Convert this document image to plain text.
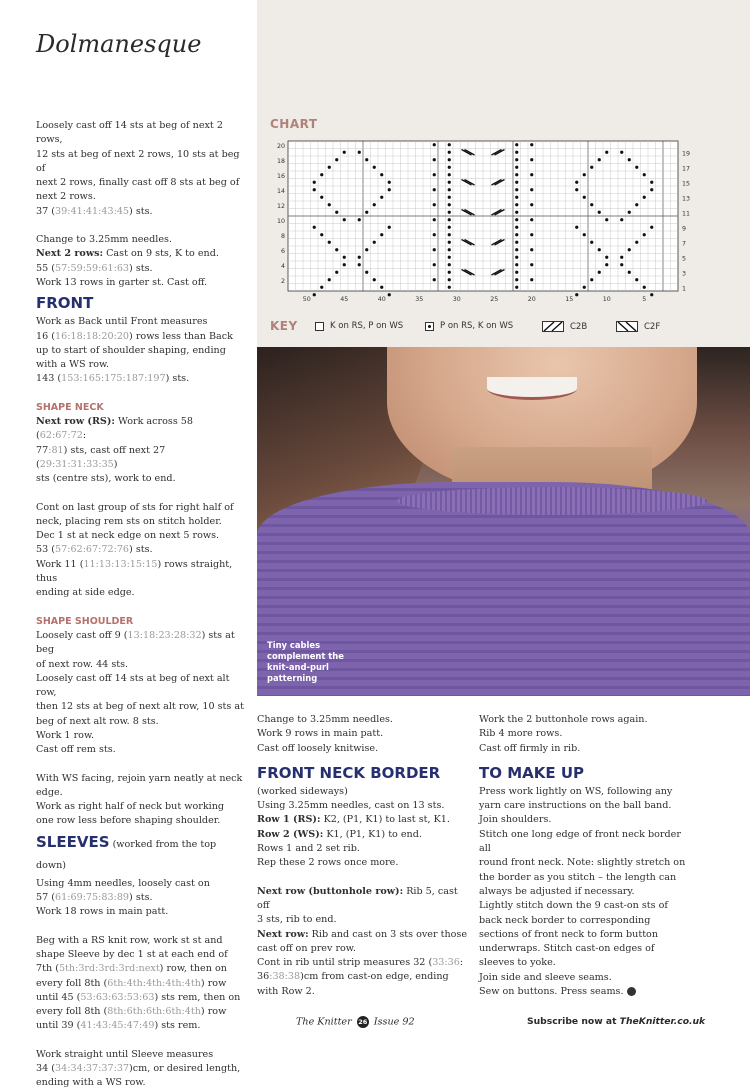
Dolmanesque

Loosely cast off 14 sts at beg of next 2 rows,

12 sts at beg of next 2 rows, 10 sts at beg of

next 2 rows, finally cast off 8 sts at beg of

next 2 rows.

37 (39:41:41:43:45) sts.

Change to 3.25mm needles.

Next 2 rows: Cast on 9 sts, K to end.

55 (57:59:59:61:63) sts.

Work 13 rows in garter st. Cast off.

FRONT

Work as Back until Front measures

16 (16:18:18:20:20) rows less than Back

up to start of shoulder shaping, ending

with a WS row.

143 (153:165:175:187:197) sts.

SHAPE NECK

Next row (RS): Work across 58 (62:67:72:

77:81) sts, cast off next 27 (29:31:31:33:35)

sts (centre sts), work to end.

Cont on last group of sts for right half of

neck, placing rem sts on stitch holder.

Dec 1 st at neck edge on next 5 rows.

53 (57:62:67:72:76) sts.

Work 11 (11:13:13:15:15) rows straight, thus

ending at side edge.

SHAPE SHOULDER

Loosely cast off 9 (13:18:23:28:32) sts at beg

of next row. 44 sts.

Loosely cast off 14 sts at beg of next alt row,

then 12 sts at beg of next alt row, 10 sts at

beg of next alt row. 8 sts.

Work 1 row.

Cast off rem sts.

With WS facing, rejoin yarn neatly at neck

edge.

Work as right half of neck but working

one row less before shaping shoulder.

SLEEVES (worked from the top down)

Using 4mm needles, loosely cast on

57 (61:69:75:83:89) sts.

Work 18 rows in main patt.

Beg with a RS knit row, work st st and

shape Sleeve by dec 1 st at each end of

7th (5th:3rd:3rd:3rd:next) row, then on

every foll 8th (6th:4th:4th:4th:4th) row

until 45 (53:63:63:53:63) sts rem, then on

every foll 8th (8th:6th:6th:6th:4th) row

until 39 (41:43:45:47:49) sts rem.

Work straight until Sleeve measures

34 (34:34:37:37:37)cm, or desired length,

ending with a WS row.

CHART
20
18
16
14
12
10
8
6
4
2
19
17
15
13
11
9
7
5
3
1
50	45	40	35	30	25	20	15	10	5
KEY	K on RS, P on WS	P on RS, K on WS	C2B	C2F
Tiny cables
complement the
knit-and-purl
patterning

Change to 3.25mm needles.

Work 9 rows in main patt.

Cast off loosely knitwise.

FRONT NECK BORDER

(worked sideways)

Using 3.25mm needles, cast on 13 sts.

Row 1 (RS): K2, (P1, K1) to last st, K1.

Row 2 (WS): K1, (P1, K1) to end.

Rows 1 and 2 set rib.

Rep these 2 rows once more.

Next row (buttonhole row): Rib 5, cast off

3 sts, rib to end.

Next row: Rib and cast on 3 sts over those

cast off on prev row.

Cont in rib until strip measures 32 (33:36:

36:38:38)cm from cast-on edge, ending

with Row 2.

Work the 2 buttonhole rows again.

Rib 4 more rows.

Cast off firmly in rib.

TO MAKE UP

Press work lightly on WS, following any

yarn care instructions on the ball band.

Join shoulders.

Stitch one long edge of front neck border all

round front neck. Note: slightly stretch on

the border as you stitch – the length can

always be adjusted if necessary.

Lightly stitch down the 9 cast-on sts of

back neck border to corresponding

sections of front neck to form button

underwraps. Stitch cast-on edges of

sleeves to yoke.

Join side and sleeve seams.

Sew on buttons. Press seams.

The Knitter 26 Issue 92	Subscribe now at TheKnitter.co.uk
